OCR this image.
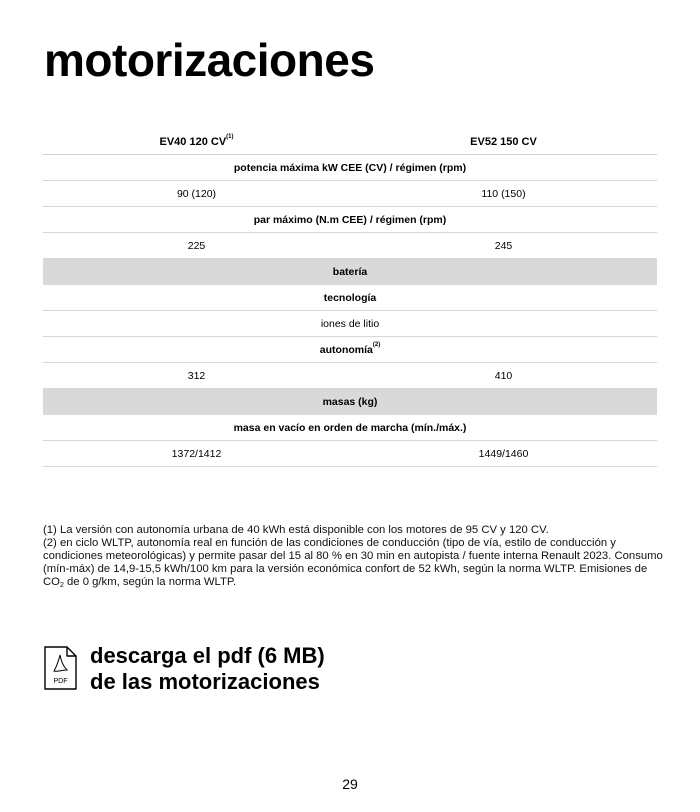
motorizaciones
EV40 120 CV$^{(1)}$	EV52 150 CV
potencia máxima kW CEE (CV) / régimen (rpm)
90 (120)	110 (150)
par máximo (N.m CEE) / régimen (rpm)
225	245
batería
tecnología
iones de litio
autonomía$^{(2)}$
312	410
masas (kg)
masa en vacío en orden de marcha (mín./máx.)
1372/1412	1449/1460

(1) La versión con autonomía urbana de 40 kWh está disponible con los motores de 95 CV y 120 CV.

(2) en ciclo WLTP, autonomía real en función de las condiciones de conducción (tipo de vía, estilo de conducción y condiciones meteorológicas) y permite pasar del 15 al 80 % en 30 min en autopista / fuente interna Renault 2023. Consumo (mín-máx) de 14,9-15,5 kWh/100 km para la versión económica confort de 52 kWh, según la norma WLTP. Emisiones de $CO_2$ de 0 g/km, según la norma WLTP.

PDF
descarga el pdf (6 MB)
de las motorizaciones
29
